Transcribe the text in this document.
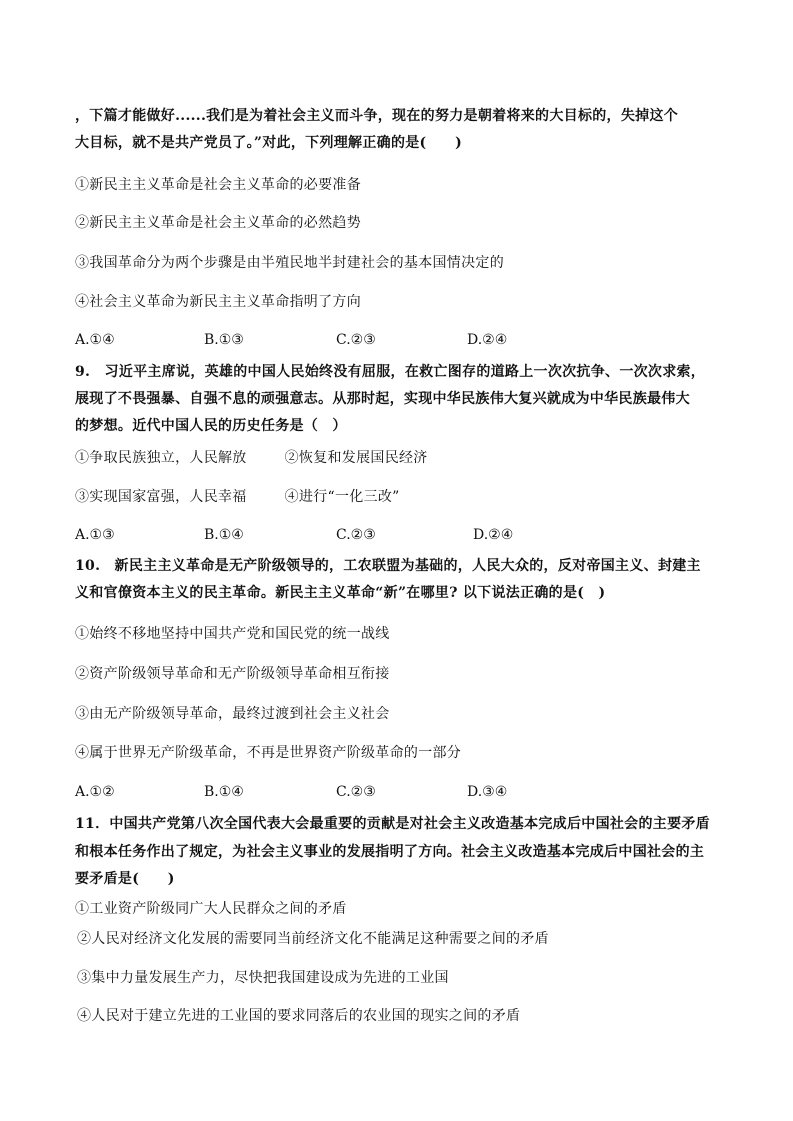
，下篇才能做好......我们是为着社会主义而斗争，现在的努力是朝着将来的大目标的，失掉这个
大目标，就不是共产党员了。”对此，下列理解正确的是(　　)
①新民主主义革命是社会主义革命的必要准备
②新民主主义革命是社会主义革命的必然趋势
③我国革命分为两个步骤是由半殖民地半封建社会的基本国情决定的
④社会主义革命为新民主主义革命指明了方向
A.①④	B.①③	C.②③	D.②④
9.　习近平主席说，英雄的中国人民始终没有屈服，在救亡图存的道路上一次次抗争、一次次求索，
展现了不畏强暴、自强不息的顽强意志。从那时起，实现中华民族伟大复兴就成为中华民族最伟大
的梦想。近代中国人民的历史任务是（　）
①争取民族独立，人民解放	②恢复和发展国民经济
③实现国家富强，人民幸福	④进行“一化三改”
A.①③	B.①④	C.②③	D.②④
10.　新民主主义革命是无产阶级领导的，工农联盟为基础的，人民大众的，反对帝国主义、封建主
义和官僚资本主义的民主革命。新民主主义革命“新”在哪里? 以下说法正确的是(　)
①始终不移地坚持中国共产党和国民党的统一战线
②资产阶级领导革命和无产阶级领导革命相互衔接
③由无产阶级领导革命，最终过渡到社会主义社会
④属于世界无产阶级革命，不再是世界资产阶级革命的一部分
A.①②	B.①④	C.②③	D.③④
11．中国共产党第八次全国代表大会最重要的贡献是对社会主义改造基本完成后中国社会的主要矛盾
和根本任务作出了规定，为社会主义事业的发展指明了方向。社会主义改造基本完成后中国社会的主
要矛盾是(　　)
①工业资产阶级同广大人民群众之间的矛盾
②人民对经济文化发展的需要同当前经济文化不能满足这种需要之间的矛盾
③集中力量发展生产力，尽快把我国建设成为先进的工业国
④人民对于建立先进的工业国的要求同落后的农业国的现实之间的矛盾
